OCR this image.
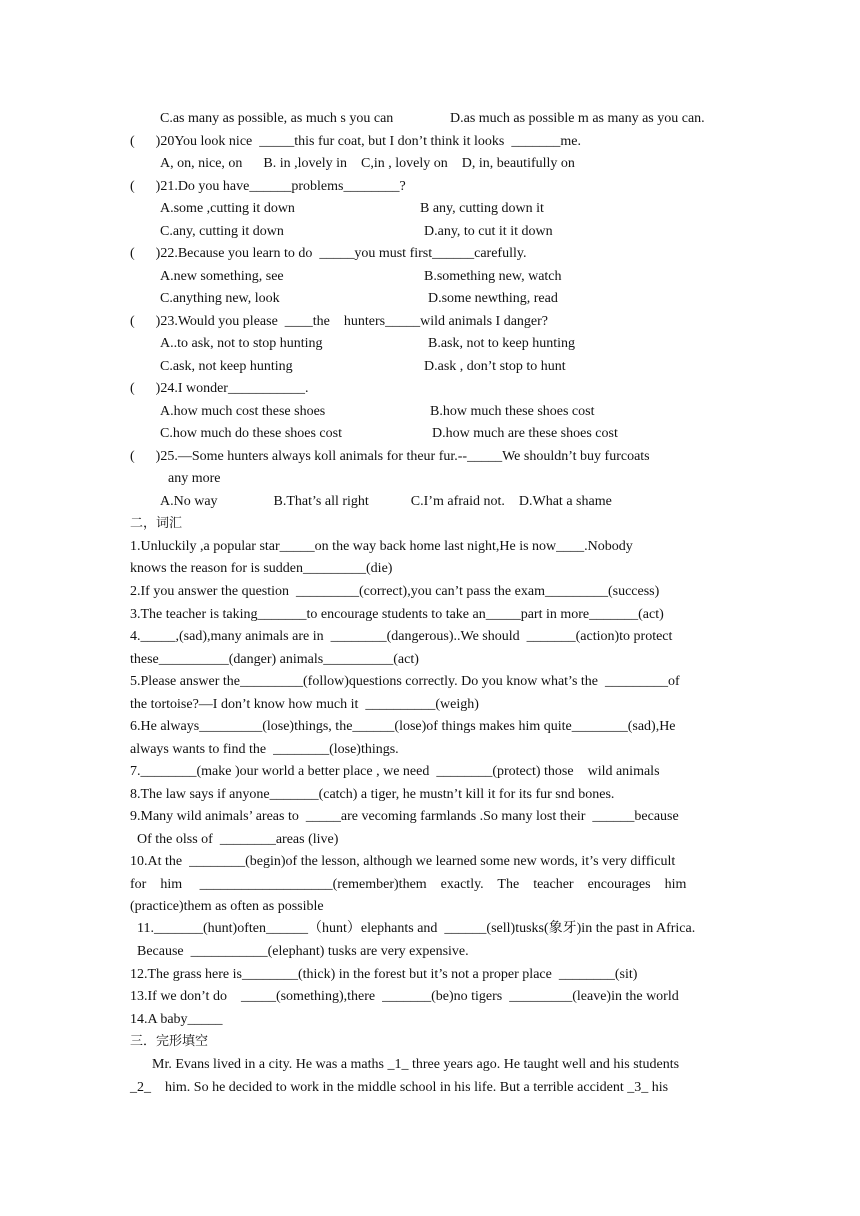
C.as many as possible, as much s you can	D.as much as possible m as many as you can.
(      )20You look nice  _____this fur coat, but I don’t think it looks  _______me.
A, on, nice, on      B. in ,lovely in    C,in , lovely on    D, in, beautifully on
(      )21.Do you have______problems________?
A.some ,cutting it down	B any, cutting down it
C.any, cutting it down	D.any, to cut it it down
(      )22.Because you learn to do  _____you must first______carefully.
A.new something, see	B.something new, watch
C.anything new, look	D.some newthing, read
(      )23.Would you please  ____the    hunters_____wild animals I danger?
A..to ask, not to stop hunting	B.ask, not to keep hunting
C.ask, not keep hunting	D.ask , don’t stop to hunt
(      )24.I wonder___________.
A.how much cost these shoes	B.how much these shoes cost
C.how much do these shoes cost	D.how much are these shoes cost
(      )25.—Some hunters always koll animals for theur fur.--_____We shouldn’t buy furcoats
any more
A.No way                B.That’s all right            C.I’m afraid not.    D.What a shame
二，词汇
1.Unluckily ,a popular star_____on the way back home last night,He is now____.Nobody
knows the reason for is sudden_________(die)
2.If you answer the question  _________(correct),you can’t pass the exam_________(success)
3.The teacher is taking_______to encourage students to take an_____part in more_______(act)
4._____,(sad),many animals are in  ________(dangerous)..We should  _______(action)to protect
these__________(danger) animals__________(act)
5.Please answer the_________(follow)questions correctly. Do you know what’s the  _________of
the tortoise?—I don’t know how much it  __________(weigh)
6.He always_________(lose)things, the______(lose)of things makes him quite________(sad),He
always wants to find the  ________(lose)things.
7.________(make )our world a better place , we need  ________(protect) those    wild animals
8.The law says if anyone_______(catch) a tiger, he mustn’t kill it for its fur snd bones.
9.Many wild animals’ areas to  _____are vecoming farmlands .So many lost their  ______because
Of the olss of  ________areas (live)
10.At the  ________(begin)of the lesson, although we learned some new words, it’s very difficult
for    him     ___________________(remember)them    exactly.    The    teacher    encourages    him
(practice)them as often as possible
11._______(hunt)often______（hunt）elephants and  ______(sell)tusks(象牙)in the past in Africa.
Because  ___________(elephant) tusks are very expensive.
12.The grass here is________(thick) in the forest but it’s not a proper place  ________(sit)
13.If we don’t do    _____(something),there  _______(be)no tigers  _________(leave)in the world
14.A baby_____
三．完形填空
Mr. Evans lived in a city. He was a maths _1_ three years ago. He taught well and his students
_2_    him. So he decided to work in the middle school in his life. But a terrible accident _3_ his
